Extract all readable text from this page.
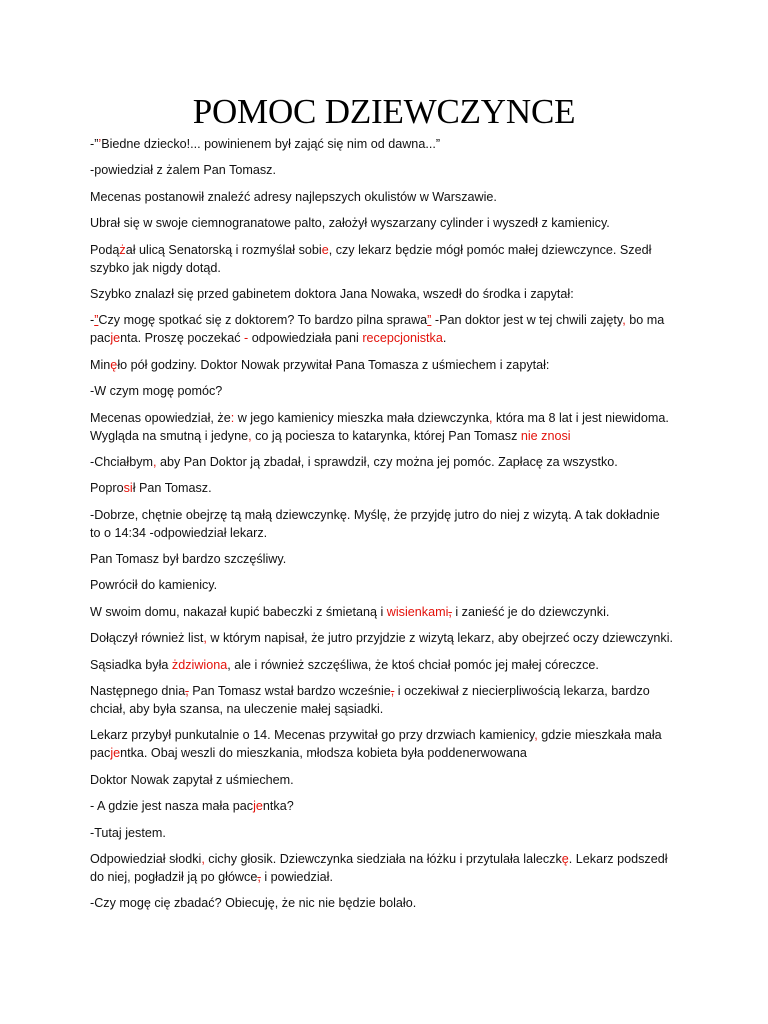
POMOC DZIEWCZYNCE
-”’Biedne dziecko!... powinienem był zająć się nim od dawna...”
-powiedział z żalem Pan Tomasz.
Mecenas postanowił znaleźć adresy najlepszych okulistów w Warszawie.
Ubrał się w swoje ciemnogranatowe palto, założył wyszarzany cylinder i wyszedł z kamienicy.
Podążał ulicą Senatorską i rozmyślał sobie, czy lekarz będzie mógł pomóc małej dziewczynce. Szedł
szybko jak nigdy dotąd.
Szybko znalazł się przed gabinetem doktora Jana Nowaka, wszedł do środka i zapytał:
-”Czy mogę spotkać się z doktorem? To bardzo pilna sprawa” -Pan doktor jest w tej chwili zajęty, bo ma
pacjenta. Proszę poczekać - odpowiedziała pani recepcjonistka.
Minęło pół godziny. Doktor Nowak przywitał Pana Tomasza z uśmiechem i zapytał:
-W czym mogę pomóc?
Mecenas opowiedział, że: w jego kamienicy mieszka mała dziewczynka, która ma 8 lat i jest niewidoma.
Wygląda na smutną i jedyne, co ją pociesza to katarynka, której Pan Tomasz nie znosi
-Chciałbym, aby Pan Doktor ją zbadał, i sprawdził, czy można jej pomóc. Zapłacę za wszystko.
Poprosił Pan Tomasz.
-Dobrze, chętnie obejrzę tą małą dziewczynkę. Myślę, że przyjdę jutro do niej z wizytą. A tak dokładnie
to o 14:34 -odpowiedział lekarz.
Pan Tomasz był bardzo szczęśliwy.
Powrócił do kamienicy.
W swoim domu, nakazał kupić babeczki z śmietaną i wisienkami, i zanieść je do dziewczynki.
Dołączył również list, w którym napisał, że jutro przyjdzie z wizytą lekarz, aby obejrzeć oczy dziewczynki.
Sąsiadka była żdziwiona, ale i również szczęśliwa, że ktoś chciał pomóc jej małej córeczce.
Następnego dnia, Pan Tomasz wstał bardzo wcześnie, i oczekiwał z niecierpliwością lekarza, bardzo
chciał, aby była szansa, na uleczenie małej sąsiadki.
Lekarz przybył punkutalnie o 14. Mecenas przywitał go przy drzwiach kamienicy, gdzie mieszkała mała
pacjentka. Obaj weszli do mieszkania, młodsza kobieta była poddenerwowana
Doktor Nowak zapytał z uśmiechem.
- A gdzie jest nasza mała pacjentka?
-Tutaj jestem.
Odpowiedział słodki, cichy głosik. Dziewczynka siedziała na łóżku i przytulała laleczkę. Lekarz podszedł
do niej, pogładził ją po główce, i powiedział.
-Czy mogę cię zbadać? Obiecuję, że nic nie będzie bolało.
